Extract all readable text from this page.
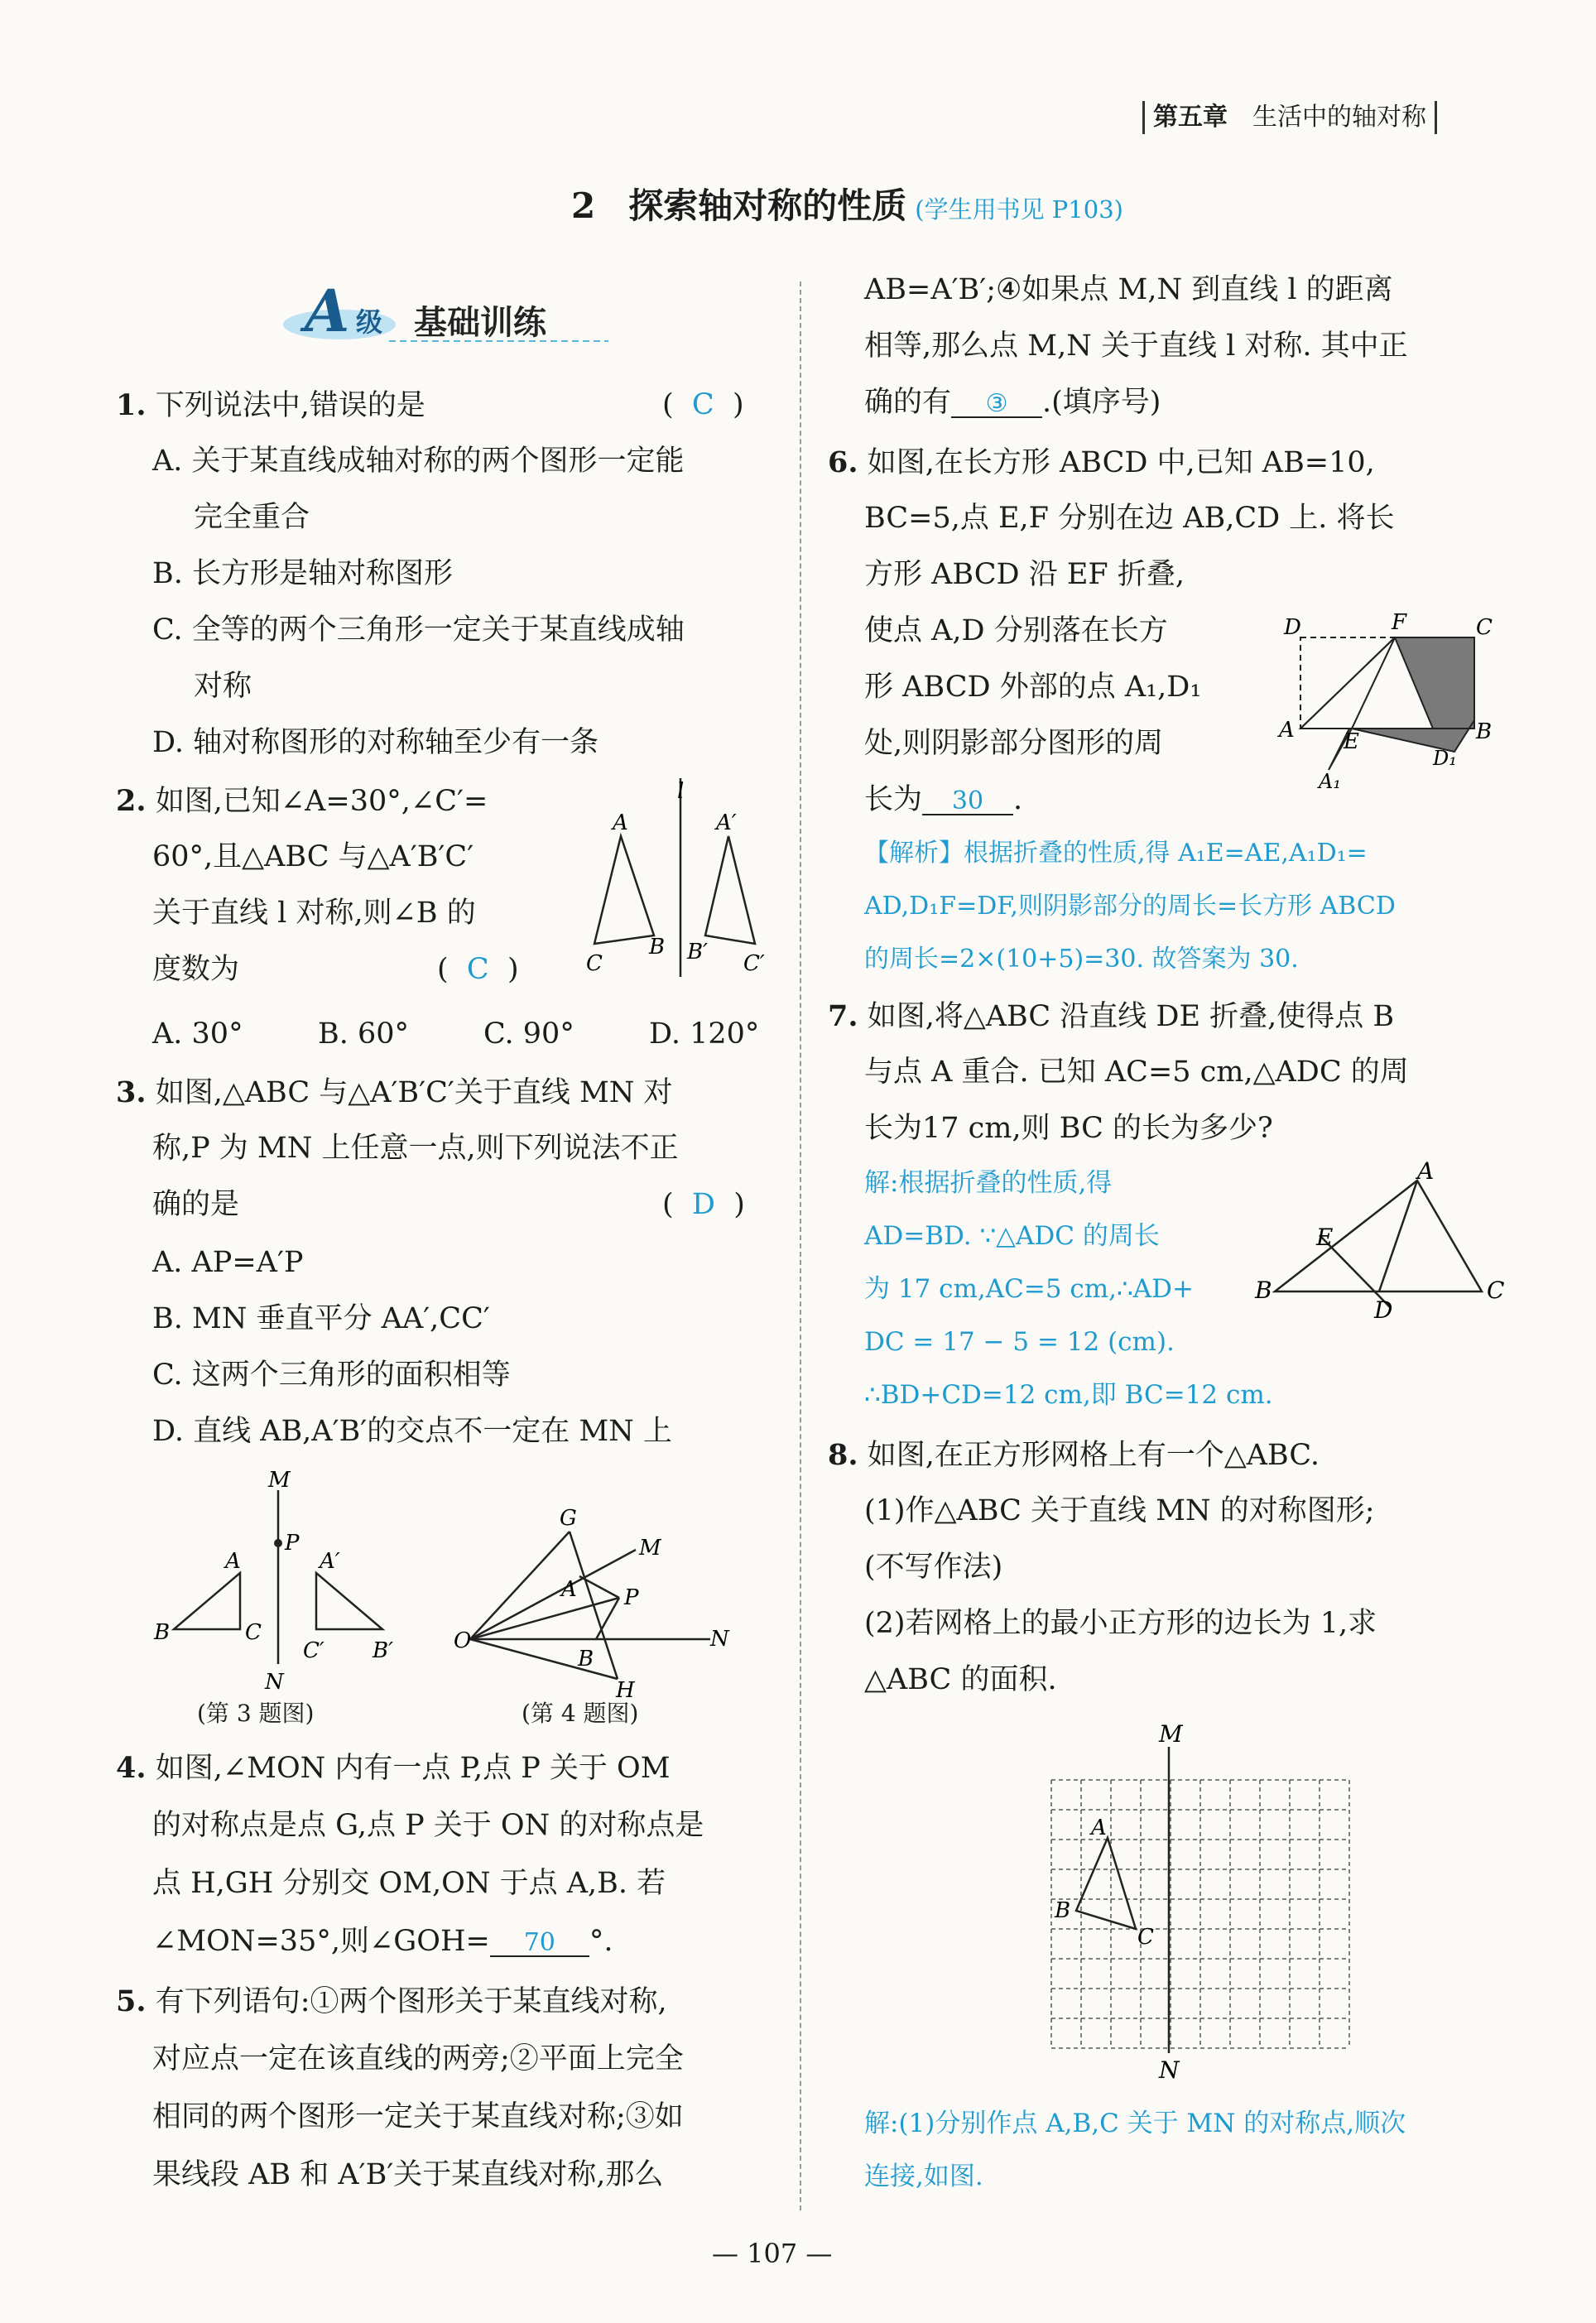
第五章 生活中的轴对称
2 探索轴对称的性质 (学生用书见 P103)
A 级 基础训练
1. 下列说法中,错误的是	(  C  )
A. 关于某直线成轴对称的两个图形一定能
完全重合
B. 长方形是轴对称图形
C. 全等的两个三角形一定关于某直线成轴
对称
D. 轴对称图形的对称轴至少有一条
2. 如图,已知∠A=30°,∠C′=
60°,且△ABC 与△A′B′C′
关于直线 l 对称,则∠B 的
度数为	(  C  )
l
A
C
B
A′
B′ C′
A. 30°	B. 60°	C. 90°	D. 120°
3. 如图,△ABC 与△A′B′C′关于直线 MN 对
称,P 为 MN 上任意一点,则下列说法不正
确的是	(  D  )
A. AP=A′P
B. MN 垂直平分 AA′,CC′
C. 这两个三角形的面积相等
D. 直线 AB,A′B′的交点不一定在 MN 上
M
N
P
A
B	C
A′
C′ B′
(第 3 题图)
M
N
O
G
A P
B
H
(第 4 题图)
4. 如图,∠MON 内有一点 P,点 P 关于 OM
的对称点是点 G,点 P 关于 ON 的对称点是
点 H,GH 分别交 OM,ON 于点 A,B. 若
∠MON=35°,则∠GOH= 70 °.
5. 有下列语句:①两个图形关于某直线对称,
对应点一定在该直线的两旁;②平面上完全
相同的两个图形一定关于某直线对称;③如
果线段 AB 和 A′B′关于某直线对称,那么
AB=A′B′;④如果点 M,N 到直线 l 的距离
相等,那么点 M,N 关于直线 l 对称. 其中正
确的有 ③ .(填序号)
6. 如图,在长方形 ABCD 中,已知 AB=10,
BC=5,点 E,F 分别在边 AB,CD 上. 将长
方形 ABCD 沿 EF 折叠,
使点 A,D 分别落在长方
形 ABCD 外部的点 A₁,D₁
处,则阴影部分图形的周
长为 30 .
D	F	C
A E	B
D₁
A₁
【解析】根据折叠的性质,得 A₁E=AE,A₁D₁=
AD,D₁F=DF,则阴影部分的周长=长方形 ABCD
的周长=2×(10+5)=30. 故答案为 30.
7. 如图,将△ABC 沿直线 DE 折叠,使得点 B
与点 A 重合. 已知 AC=5 cm,△ADC 的周
长为17 cm,则 BC 的长为多少?
解:根据折叠的性质,得
AD=BD. ∵△ADC 的周长
为 17 cm,AC=5 cm,∴AD+
DC = 17 − 5 = 12 (cm).
∴BD+CD=12 cm,即 BC=12 cm.
A
E
B
D
C
8. 如图,在正方形网格上有一个△ABC.
(1)作△ABC 关于直线 MN 的对称图形;
(不写作法)
(2)若网格上的最小正方形的边长为 1,求
△ABC 的面积.
M
N
A
B
C
解:(1)分别作点 A,B,C 关于 MN 的对称点,顺次
连接,如图.
— 107 —
